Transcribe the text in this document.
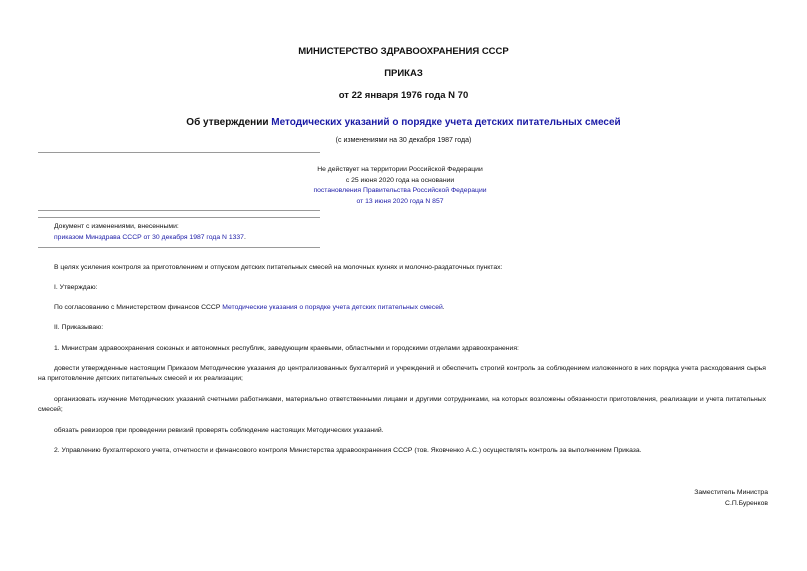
МИНИСТЕРСТВО ЗДРАВООХРАНЕНИЯ СССР
ПРИКАЗ
от 22 января 1976 года N 70
Об утверждении Методических указаний о порядке учета детских питательных смесей
(с изменениями на 30 декабря 1987 года)
Не действует на территории Российской Федерации
с 25 июня 2020 года на основании
постановления Правительства Российской Федерации
от 13 июня 2020 года N 857
Документ с изменениями, внесенными:
приказом Минздрава СССР от 30 декабря 1987 года N 1337.
В целях усиления контроля за приготовлением и отпуском детских питательных смесей на молочных кухнях и молочно-раздаточных пунктах:
I. Утверждаю:
По согласованию с Министерством финансов СССР Методические указания о порядке учета детских питательных смесей.
II. Приказываю:
1. Министрам здравоохранения союзных и автономных республик, заведующим краевыми, областными и городскими отделами здравоохранения:
довести утвержденные настоящим Приказом Методические указания до централизованных бухгалтерий и учреждений и обеспечить строгий контроль за соблюдением изложенного в них порядка учета расходования сырья на приготовление детских питательных смесей и их реализации;
организовать изучение Методических указаний счетными работниками, материально ответственными лицами и другими сотрудниками, на которых возложены обязанности приготовления, реализации и учета питательных смесей;
обязать ревизоров при проведении ревизий проверять соблюдение настоящих Методических указаний.
2. Управлению бухгалтерского учета, отчетности и финансового контроля Министерства здравоохранения СССР (тов. Яковченко А.С.) осуществлять контроль за выполнением Приказа.
Заместитель Министра
С.П.Буренков
